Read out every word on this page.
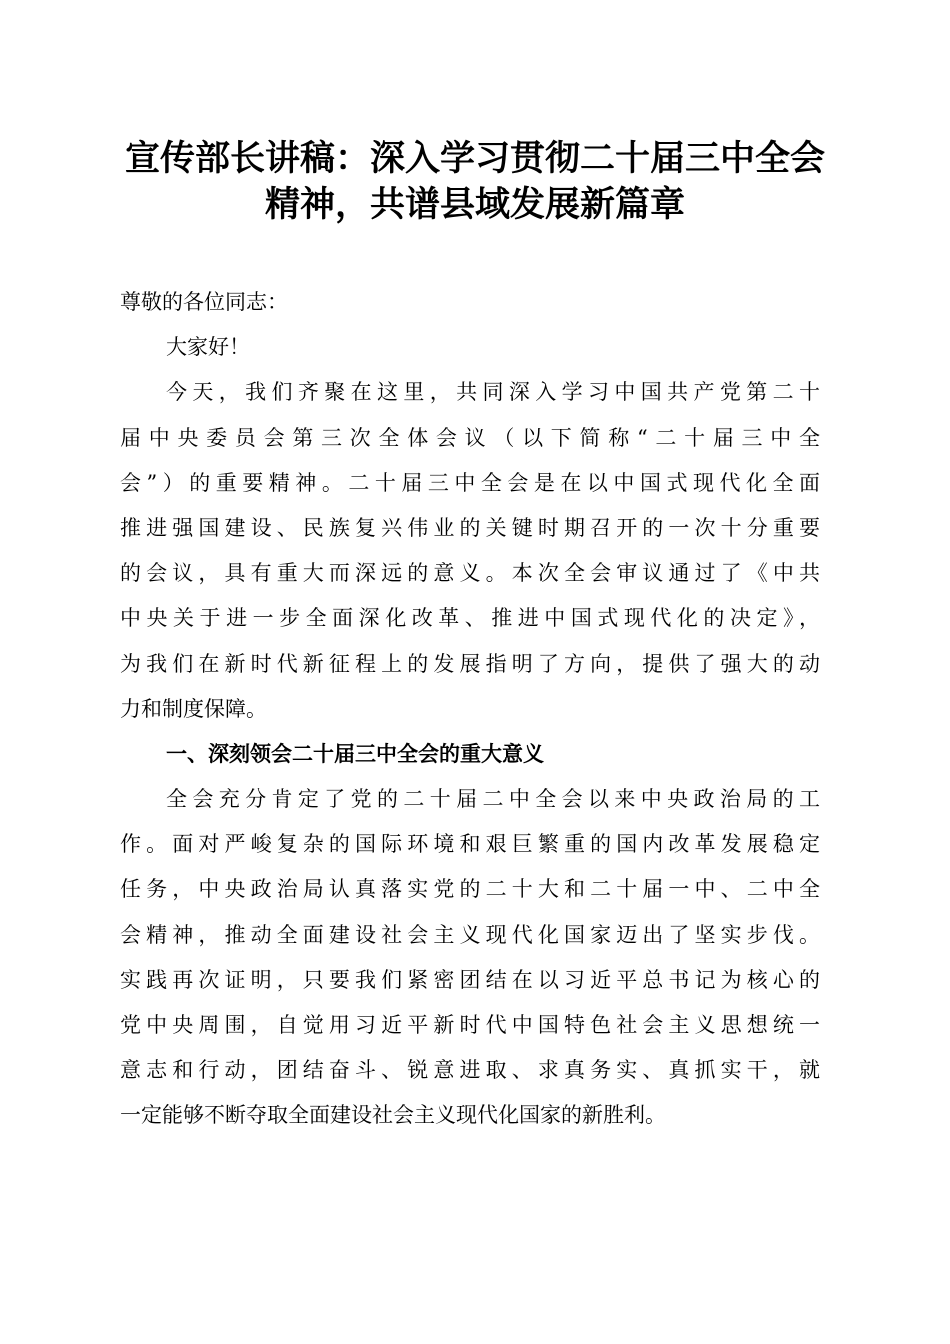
宣传部长讲稿：深入学习贯彻二十届三中全会
精神，共谱县域发展新篇章
尊敬的各位同志：
大家好！
今天，我们齐聚在这里，共同深入学习中国共产党第二十
届中央委员会第三次全体会议（以下简称“二十届三中全
会”）的重要精神。二十届三中全会是在以中国式现代化全面
推进强国建设、民族复兴伟业的关键时期召开的一次十分重要
的会议，具有重大而深远的意义。本次全会审议通过了《中共
中央关于进一步全面深化改革、推进中国式现代化的决定》，
为我们在新时代新征程上的发展指明了方向，提供了强大的动
力和制度保障。
一、深刻领会二十届三中全会的重大意义
全会充分肯定了党的二十届二中全会以来中央政治局的工
作。面对严峻复杂的国际环境和艰巨繁重的国内改革发展稳定
任务，中央政治局认真落实党的二十大和二十届一中、二中全
会精神，推动全面建设社会主义现代化国家迈出了坚实步伐。
实践再次证明，只要我们紧密团结在以习近平总书记为核心的
党中央周围，自觉用习近平新时代中国特色社会主义思想统一
意志和行动，团结奋斗、锐意进取、求真务实、真抓实干，就
一定能够不断夺取全面建设社会主义现代化国家的新胜利。
